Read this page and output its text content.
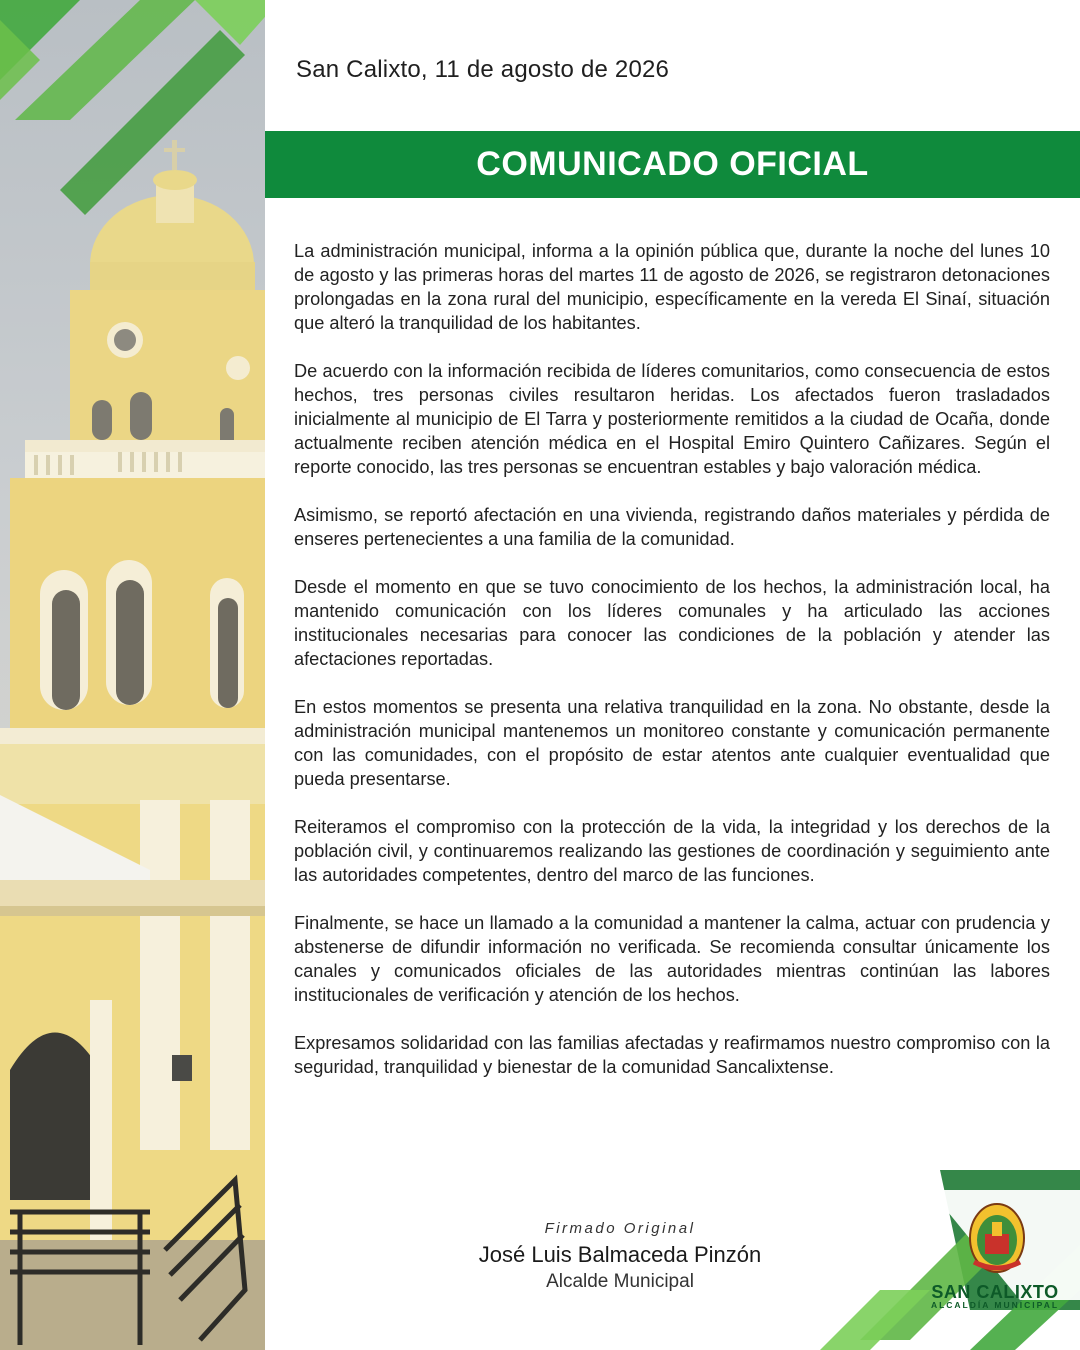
San Calixto, 11 de agosto de 2026
COMUNICADO OFICIAL

La administración municipal, informa a la opinión pública que, durante la noche del lunes 10 de agosto y las primeras horas del martes 11 de agosto de 2026, se registraron detonaciones prolongadas en la zona rural del municipio, específicamente en la vereda El Sinaí, situación que alteró la tranquilidad de los habitantes.

De acuerdo con la información recibida de líderes comunitarios, como consecuencia de estos hechos, tres personas civiles resultaron heridas. Los afectados fueron trasladados inicialmente al municipio de El Tarra y posteriormente remitidos a la ciudad de Ocaña, donde actualmente reciben atención médica en el Hospital Emiro Quintero Cañizares. Según el reporte conocido, las tres personas se encuentran estables y bajo valoración médica.

Asimismo, se reportó afectación en una vivienda, registrando daños materiales y pérdida de enseres pertenecientes a una familia de la comunidad.

Desde el momento en que se tuvo conocimiento de los hechos, la administración local, ha mantenido comunicación con los líderes comunales y ha articulado las acciones institucionales necesarias para conocer las condiciones de la población y atender las afectaciones reportadas.

En estos momentos se presenta una relativa tranquilidad en la zona. No obstante, desde la administración municipal mantenemos un monitoreo constante y comunicación permanente con las comunidades, con el propósito de estar atentos ante cualquier eventualidad que pueda presentarse.

Reiteramos el compromiso con la protección de la vida, la integridad y los derechos de la población civil, y continuaremos realizando las gestiones de coordinación y seguimiento ante las autoridades competentes, dentro del marco de las funciones.

Finalmente, se hace un llamado a la comunidad a mantener la calma, actuar con prudencia y abstenerse de difundir información no verificada. Se recomienda consultar únicamente los canales y comunicados oficiales de las autoridades mientras continúan las labores institucionales de verificación y atención de los hechos.

Expresamos solidaridad con las familias afectadas y reafirmamos nuestro compromiso con la seguridad, tranquilidad y bienestar de la comunidad Sancalixtense.

Firmado Original
José Luis Balmaceda Pinzón
Alcalde Municipal	SAN CALIXTO
ALCALDÍA MUNICIPAL
